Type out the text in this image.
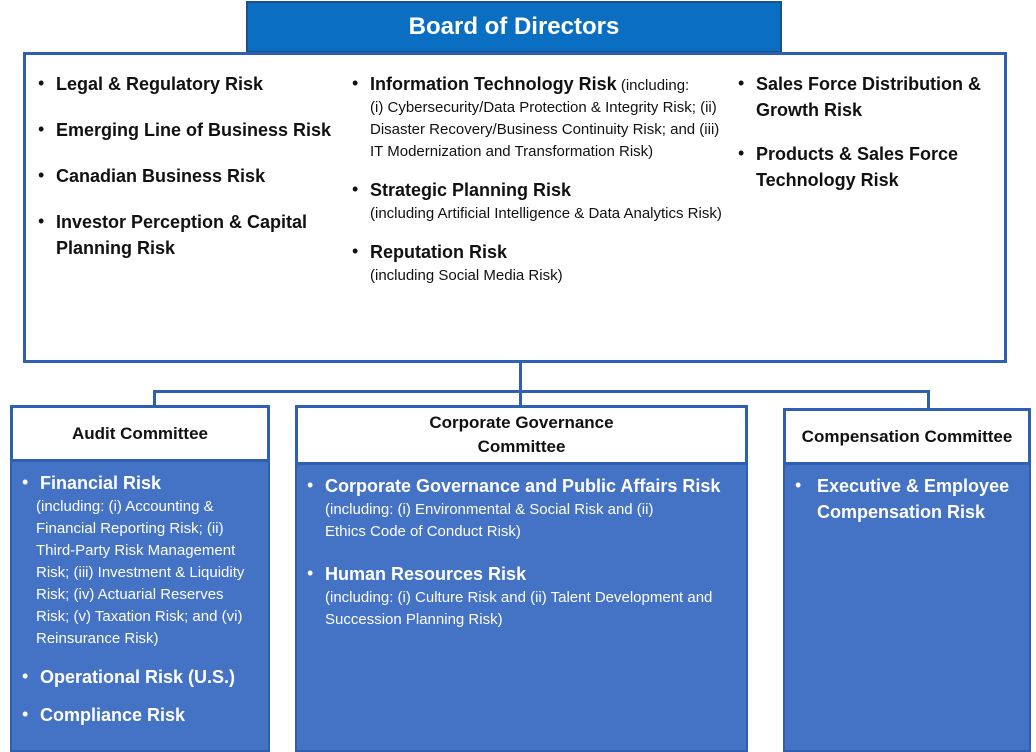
Board of Directors
• Legal & Regulatory Risk
• Emerging Line of Business Risk
• Canadian Business Risk
• Investor Perception & Capital Planning Risk
• Information Technology Risk (including:
(i) Cybersecurity/Data Protection & Integrity Risk; (ii) Disaster Recovery/Business Continuity Risk; and (iii) IT Modernization and Transformation Risk)
• Strategic Planning Risk
(including Artificial Intelligence & Data Analytics Risk)
• Reputation Risk
(including Social Media Risk)
• Sales Force Distribution & Growth Risk
• Products & Sales Force Technology Risk
Audit Committee
• Financial Risk
(including: (i) Accounting & Financial Reporting Risk; (ii) Third-Party Risk Management Risk; (iii) Investment & Liquidity Risk; (iv) Actuarial Reserves Risk; (v) Taxation Risk; and (vi) Reinsurance Risk)
• Operational Risk (U.S.)
• Compliance Risk
Corporate Governance Committee
• Corporate Governance and Public Affairs Risk
(including: (i) Environmental & Social Risk and (ii) Ethics Code of Conduct Risk)
• Human Resources Risk
(including: (i) Culture Risk and (ii) Talent Development and Succession Planning Risk)
Compensation Committee
• Executive & Employee Compensation Risk
